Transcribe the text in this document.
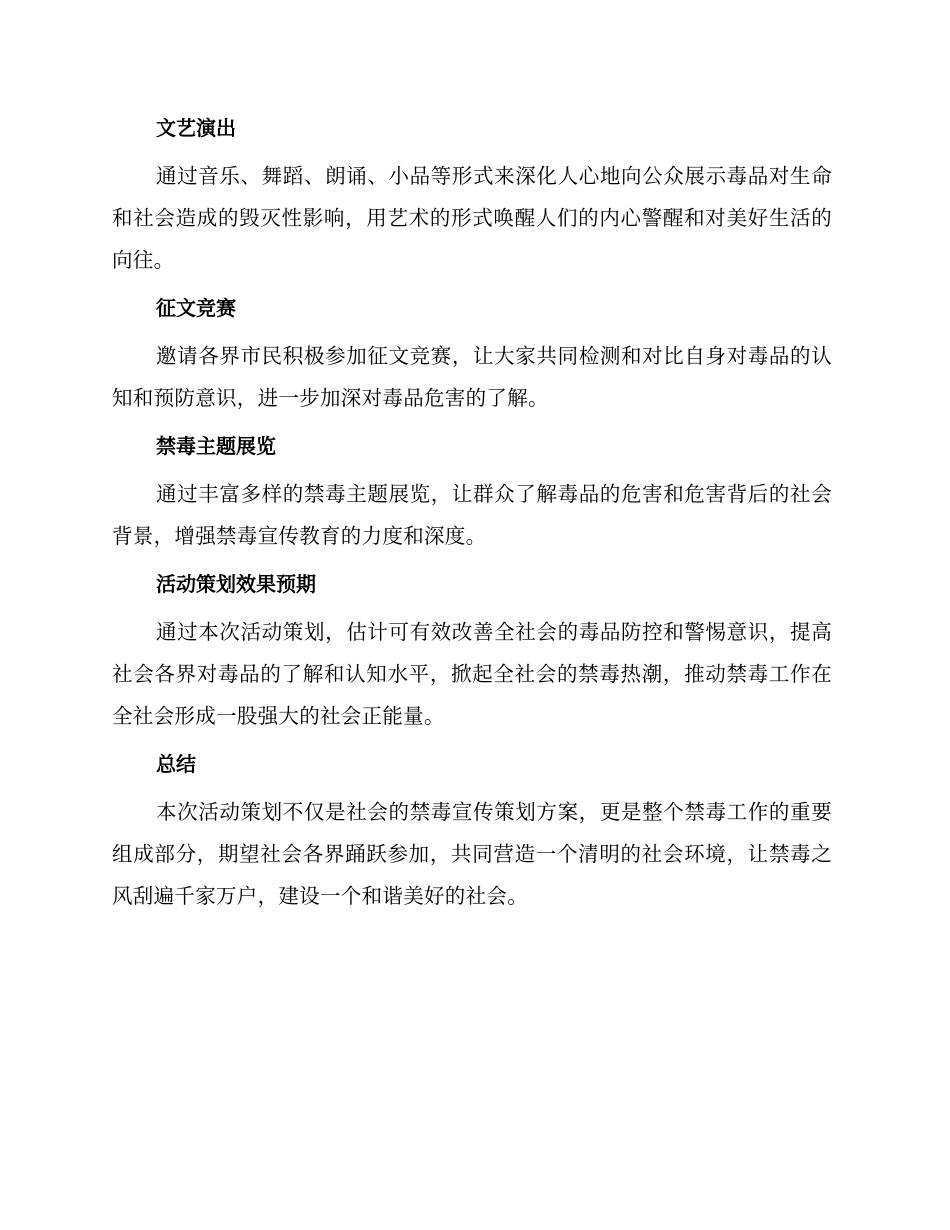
文艺演出

通过音乐、舞蹈、朗诵、小品等形式来深化人心地向公众展示毒品对生命和社会造成的毁灭性影响，用艺术的形式唤醒人们的内心警醒和对美好生活的向往。

征文竞赛

邀请各界市民积极参加征文竞赛，让大家共同检测和对比自身对毒品的认知和预防意识，进一步加深对毒品危害的了解。

禁毒主题展览

通过丰富多样的禁毒主题展览，让群众了解毒品的危害和危害背后的社会背景，增强禁毒宣传教育的力度和深度。

活动策划效果预期

通过本次活动策划，估计可有效改善全社会的毒品防控和警惕意识，提高社会各界对毒品的了解和认知水平，掀起全社会的禁毒热潮，推动禁毒工作在全社会形成一股强大的社会正能量。

总结

本次活动策划不仅是社会的禁毒宣传策划方案，更是整个禁毒工作的重要组成部分，期望社会各界踊跃参加，共同营造一个清明的社会环境，让禁毒之风刮遍千家万户，建设一个和谐美好的社会。
